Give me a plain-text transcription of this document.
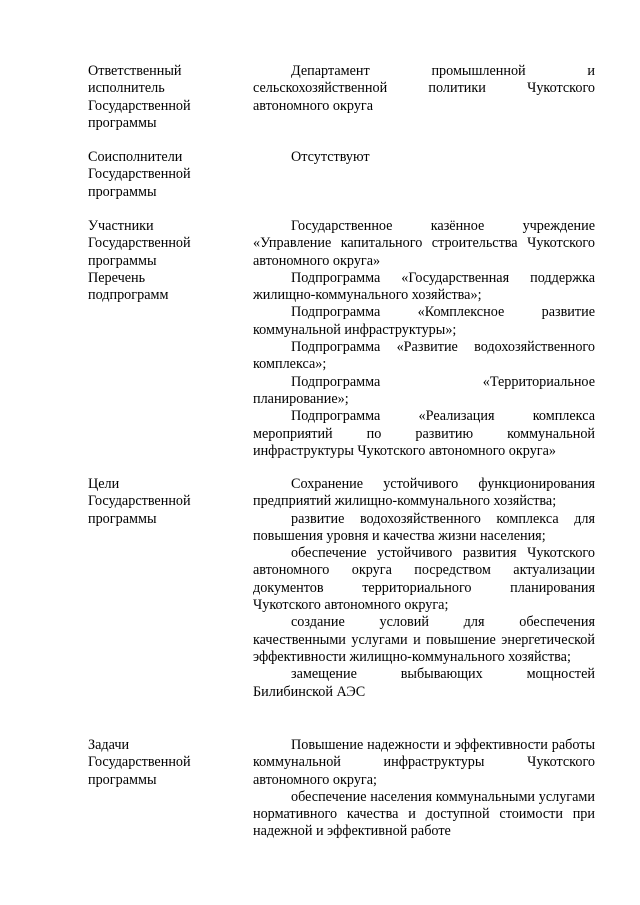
Ответственный
исполнитель
Государственной
программы

Департамент промышленной и сельскохозяйственной политики Чукотского автономного округа

Соисполнители
Государственной
программы

Отсутствуют

Участники
Государственной
программы
Перечень
подпрограмм

Государственное казённое учреждение «Управление капитального строительства Чукотского автономного округа»

Подпрограмма «Государственная поддержка жилищно-коммунального хозяйства»;

Подпрограмма «Комплексное развитие коммунальной инфраструктуры»;

Подпрограмма «Развитие водохозяйственного комплекса»;

Подпрограмма «Территориальное планирование»;

Подпрограмма «Реализация комплекса мероприятий по развитию коммунальной инфраструктуры Чукотского автономного округа»

Цели
Государственной
программы

Сохранение устойчивого функционирования предприятий жилищно-коммунального хозяйства;

развитие водохозяйственного комплекса для повышения уровня и качества жизни населения;

обеспечение устойчивого развития Чукотского автономного округа посредством актуализации документов территориального планирования Чукотского автономного округа;

создание условий для обеспечения качественными услугами и повышение энергетической эффективности жилищно-коммунального хозяйства;

замещение выбывающих мощностей Билибинской АЭС

Задачи
Государственной
программы

Повышение надежности и эффективности работы коммунальной инфраструктуры Чукотского автономного округа;

обеспечение населения коммунальными услугами нормативного качества и доступной стоимости при надежной и эффективной работе
